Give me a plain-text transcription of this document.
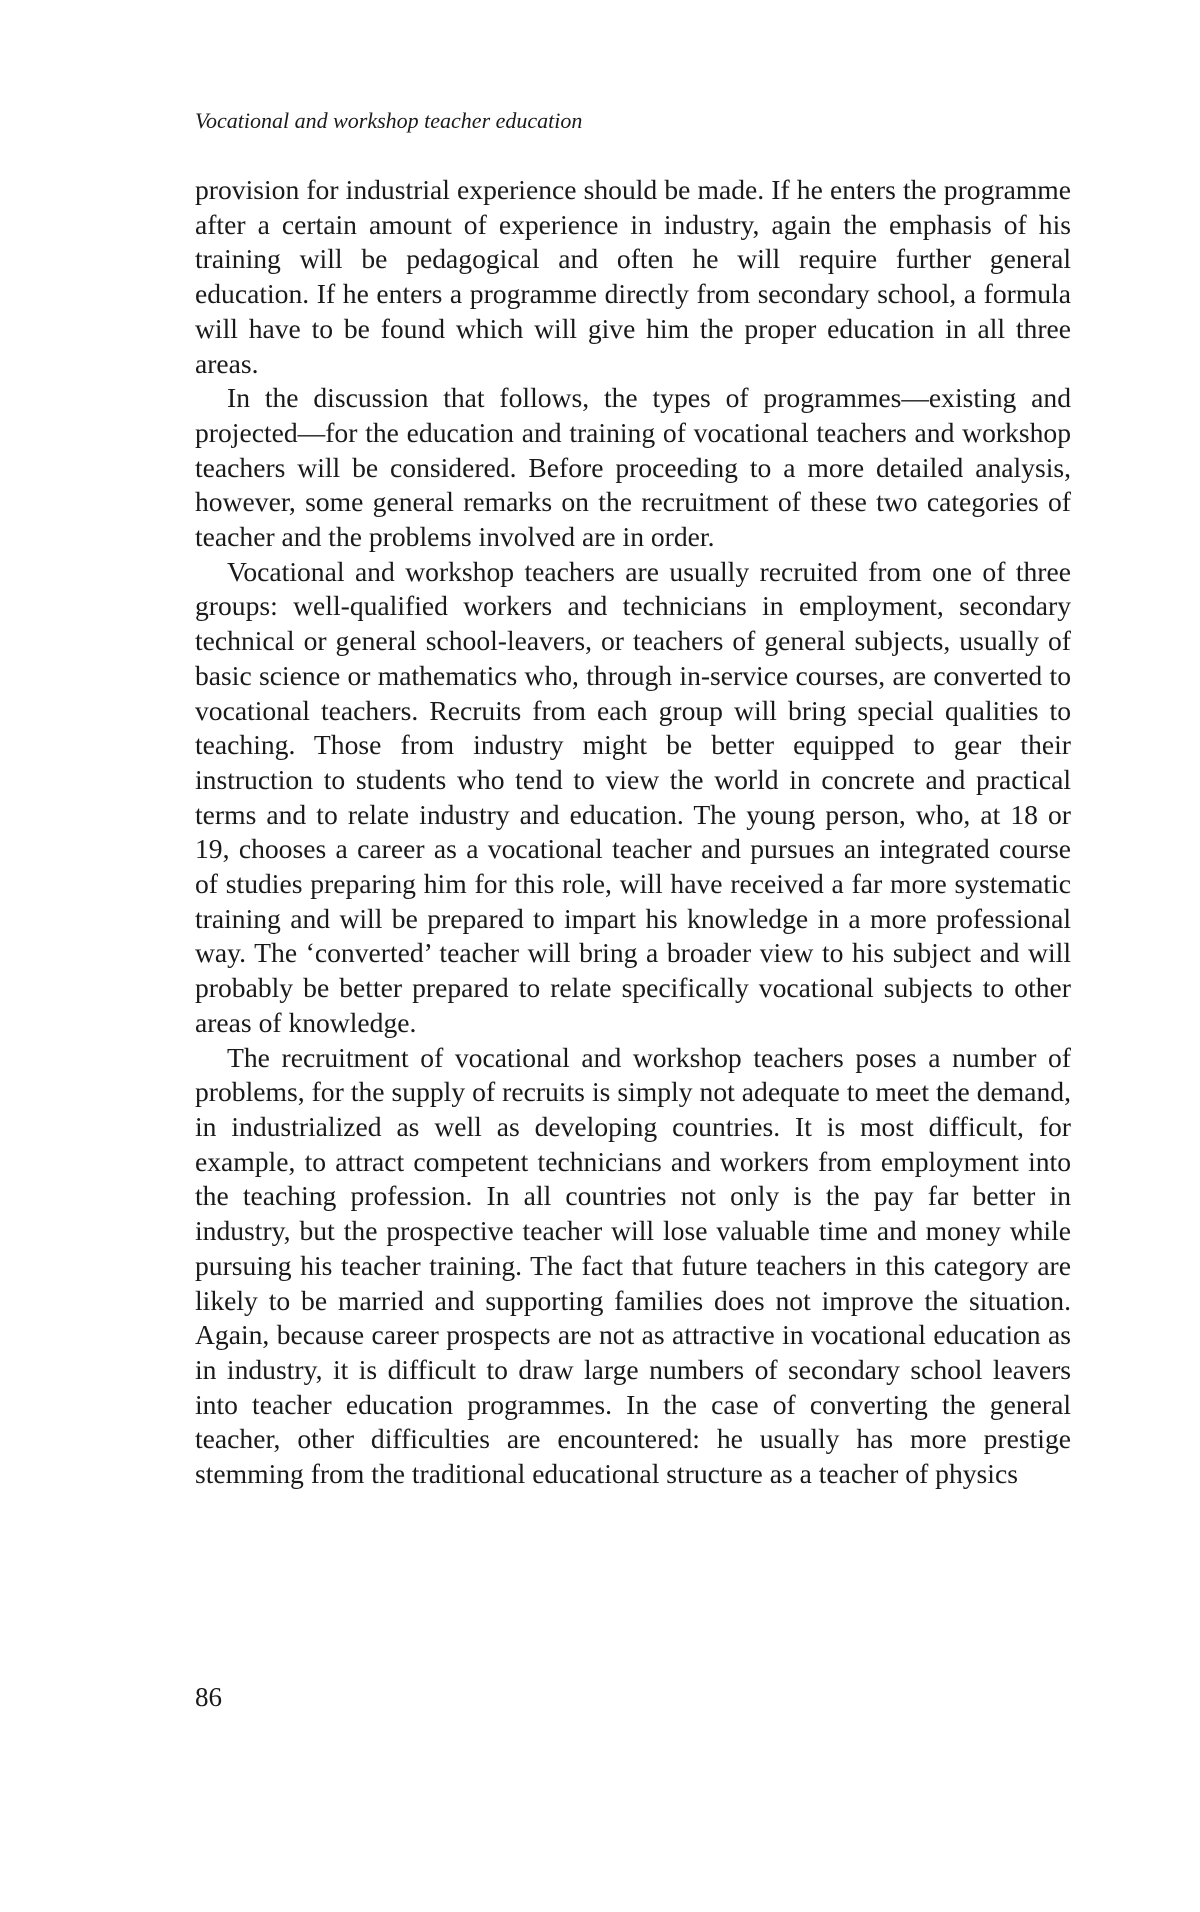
Vocational and workshop teacher education

provision for industrial experience should be made. If he enters the programme after a certain amount of experience in industry, again the emphasis of his training will be pedagogical and often he will require further general education. If he enters a programme directly from secondary school, a formula will have to be found which will give him the proper education in all three areas.

In the discussion that follows, the types of programmes—existing and projected—for the education and training of vocational teachers and workshop teachers will be considered. Before proceeding to a more detailed analysis, however, some general remarks on the recruitment of these two categories of teacher and the problems involved are in order.

Vocational and workshop teachers are usually recruited from one of three groups: well-qualified workers and technicians in employment, secondary technical or general school-leavers, or teachers of general subjects, usually of basic science or mathematics who, through in-service courses, are converted to vocational teachers. Recruits from each group will bring special qualities to teaching. Those from industry might be better equipped to gear their instruction to students who tend to view the world in concrete and practical terms and to relate industry and education. The young person, who, at 18 or 19, chooses a career as a vocational teacher and pursues an integrated course of studies preparing him for this role, will have received a far more systematic training and will be prepared to impart his knowledge in a more professional way. The ‘converted’ teacher will bring a broader view to his subject and will probably be better prepared to relate specifically vocational subjects to other areas of knowledge.

The recruitment of vocational and workshop teachers poses a number of problems, for the supply of recruits is simply not adequate to meet the demand, in industrialized as well as developing countries. It is most difficult, for example, to attract competent technicians and workers from employment into the teaching profession. In all countries not only is the pay far better in industry, but the prospective teacher will lose valuable time and money while pursuing his teacher training. The fact that future teachers in this category are likely to be married and supporting families does not improve the situation. Again, because career prospects are not as attractive in vocational education as in industry, it is difficult to draw large numbers of secondary school leavers into teacher education programmes. In the case of converting the general teacher, other difficulties are encountered: he usually has more prestige stemming from the traditional educational structure as a teacher of physics

86
